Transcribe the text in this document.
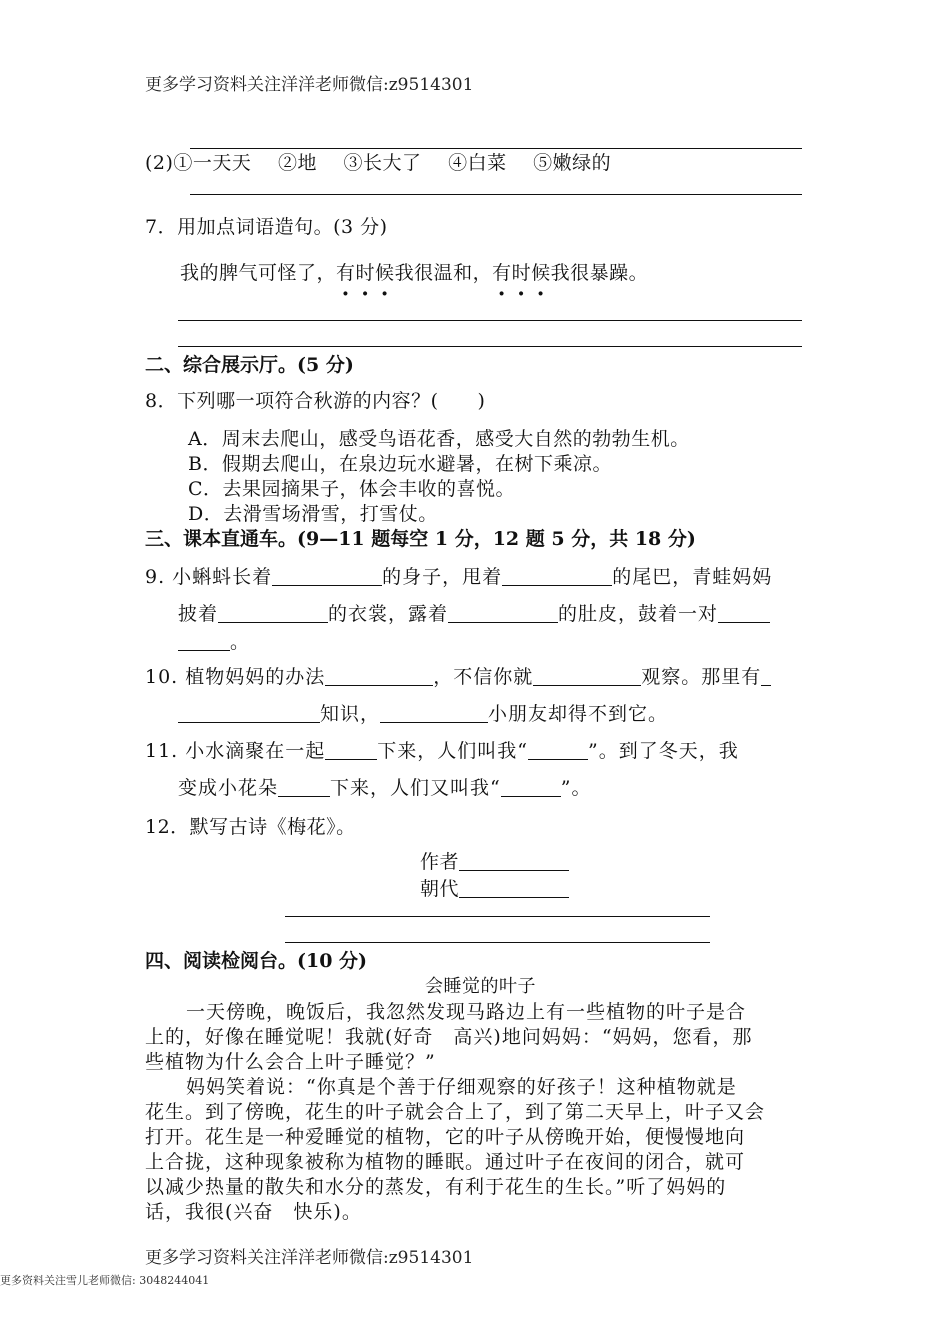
更多学习资料关注洋洋老师微信:z9514301
(2)①一天天 ②地 ③长大了 ④白菜 ⑤嫩绿的
7．用加点词语造句。(3 分)
我的脾气可怪了，有时候我很温和，有时候我很暴躁。
二、综合展示厅。(5 分)
8．下列哪一项符合秋游的内容？(　　)
A．周末去爬山，感受鸟语花香，感受大自然的勃勃生机。
B．假期去爬山，在泉边玩水避暑，在树下乘凉。
C．去果园摘果子，体会丰收的喜悦。
D．去滑雪场滑雪，打雪仗。
三、课本直通车。(9—11 题每空 1 分，12 题 5 分，共 18 分)
9. 小蝌蚪长着	的身子，甩着	的尾巴，青蛙妈妈
披着	的衣裳，露着	的肚皮，鼓着一对
。
10. 植物妈妈的办法	，不信你就	观察。那里有
知识，	小朋友却得不到它。
11. 小水滴聚在一起	下来，人们叫我“	”。到了冬天，我
变成小花朵	下来，人们又叫我“	”。
12．默写古诗《梅花》。
作者
朝代
四、阅读检阅台。(10 分)
会睡觉的叶子
一天傍晚，晚饭后，我忽然发现马路边上有一些植物的叶子是合
上的，好像在睡觉呢！我就(好奇　高兴)地问妈妈：“妈妈，您看，那
些植物为什么会合上叶子睡觉？”
妈妈笑着说：“你真是个善于仔细观察的好孩子！这种植物就是
花生。到了傍晚，花生的叶子就会合上了，到了第二天早上，叶子又会
打开。花生是一种爱睡觉的植物，它的叶子从傍晚开始，便慢慢地向
上合拢，这种现象被称为植物的睡眠。通过叶子在夜间的闭合，就可
以减少热量的散失和水分的蒸发，有利于花生的生长。”听了妈妈的
话，我很(兴奋　快乐)。
更多学习资料关注洋洋老师微信:z9514301
更多资料关注雪儿老师微信: 3048244041
